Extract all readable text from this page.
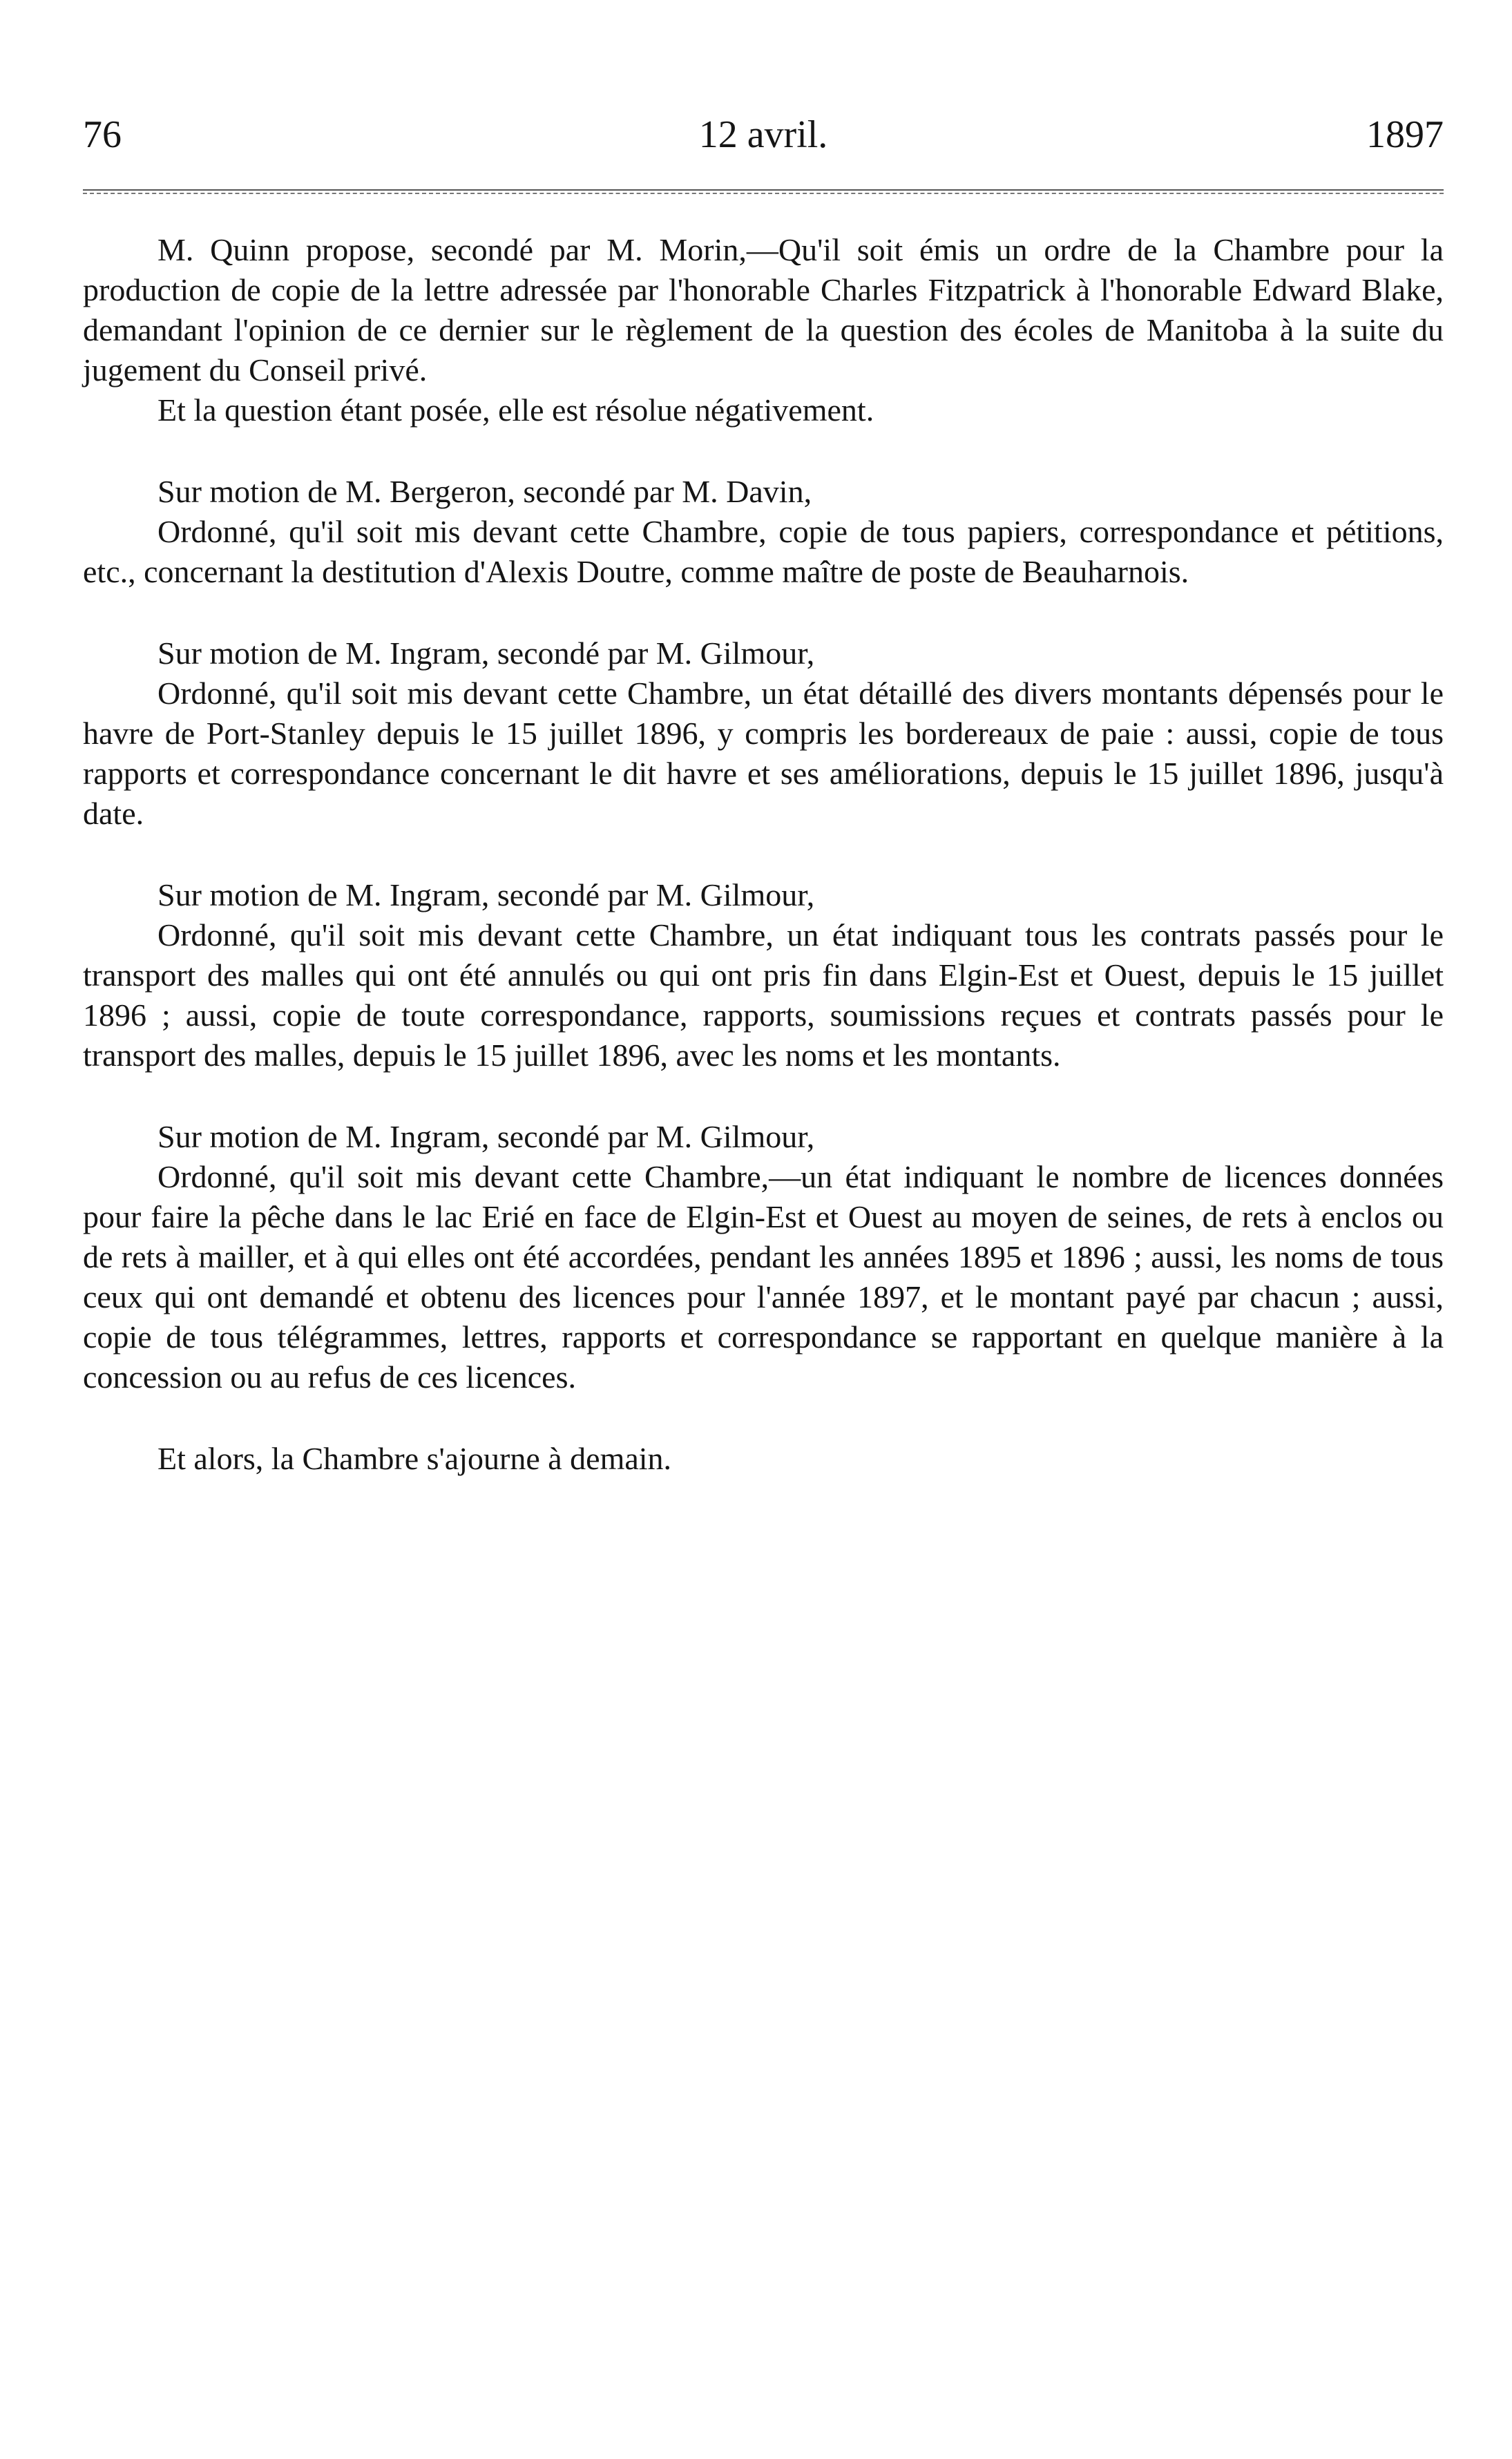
76	12 avril.	1897

M. Quinn propose, secondé par M. Morin,—Qu'il soit émis un ordre de la Chambre pour la production de copie de la lettre adressée par l'honorable Charles Fitzpatrick à l'honorable Edward Blake, demandant l'opinion de ce dernier sur le règlement de la question des écoles de Manitoba à la suite du jugement du Conseil privé.

Et la question étant posée, elle est résolue négativement.

Sur motion de M. Bergeron, secondé par M. Davin,

Ordonné, qu'il soit mis devant cette Chambre, copie de tous papiers, correspondance et pétitions, etc., concernant la destitution d'Alexis Doutre, comme maître de poste de Beauharnois.

Sur motion de M. Ingram, secondé par M. Gilmour,

Ordonné, qu'il soit mis devant cette Chambre, un état détaillé des divers montants dépensés pour le havre de Port-Stanley depuis le 15 juillet 1896, y compris les bordereaux de paie : aussi, copie de tous rapports et correspondance concernant le dit havre et ses améliorations, depuis le 15 juillet 1896, jusqu'à date.

Sur motion de M. Ingram, secondé par M. Gilmour,

Ordonné, qu'il soit mis devant cette Chambre, un état indiquant tous les contrats passés pour le transport des malles qui ont été annulés ou qui ont pris fin dans Elgin-Est et Ouest, depuis le 15 juillet 1896 ; aussi, copie de toute correspondance, rapports, soumissions reçues et contrats passés pour le transport des malles, depuis le 15 juillet 1896, avec les noms et les montants.

Sur motion de M. Ingram, secondé par M. Gilmour,

Ordonné, qu'il soit mis devant cette Chambre,—un état indiquant le nombre de licences données pour faire la pêche dans le lac Erié en face de Elgin-Est et Ouest au moyen de seines, de rets à enclos ou de rets à mailler, et à qui elles ont été accordées, pendant les années 1895 et 1896 ; aussi, les noms de tous ceux qui ont demandé et obtenu des licences pour l'année 1897, et le montant payé par chacun ; aussi, copie de tous télégrammes, lettres, rapports et correspondance se rapportant en quelque manière à la concession ou au refus de ces licences.

Et alors, la Chambre s'ajourne à demain.
